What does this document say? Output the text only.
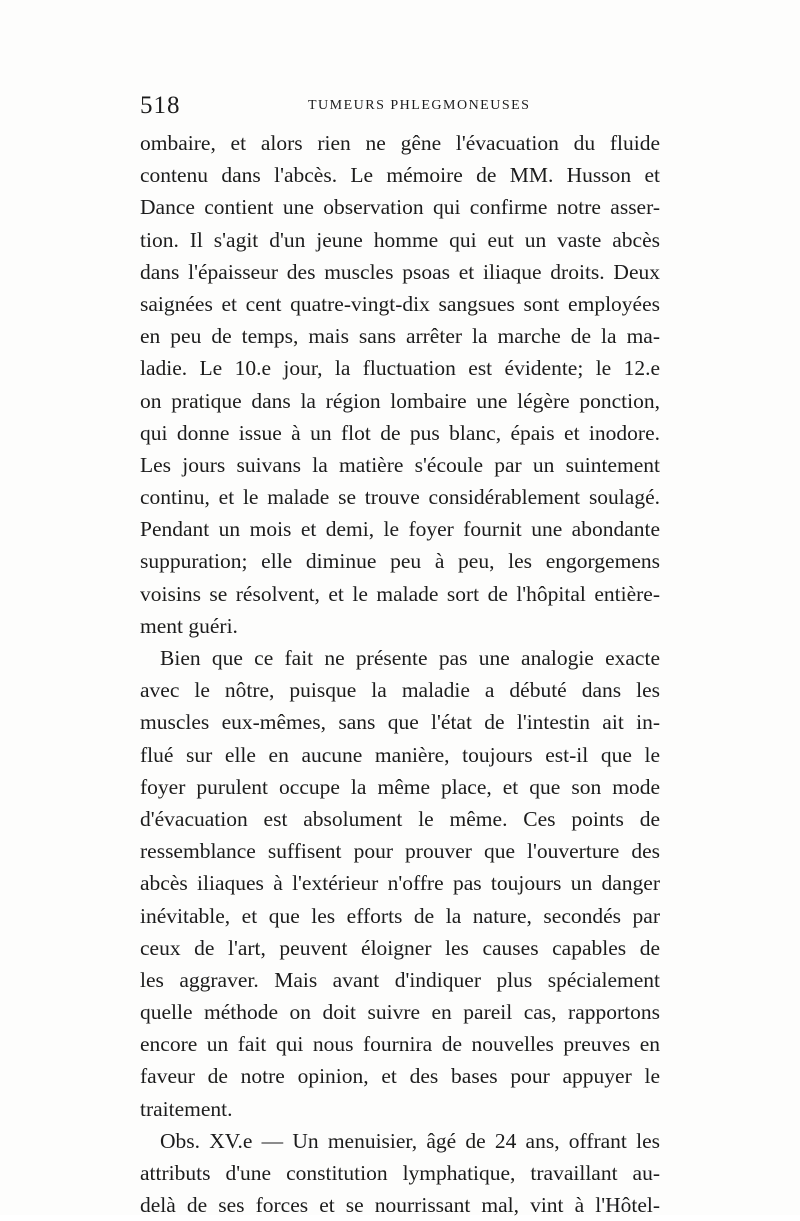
518	TUMEURS PHLEGMONEUSES
ombaire, et alors rien ne gêne l'évacuation du fluide
contenu dans l'abcès. Le mémoire de MM. Husson et
Dance contient une observation qui confirme notre asser-
tion. Il s'agit d'un jeune homme qui eut un vaste abcès
dans l'épaisseur des muscles psoas et iliaque droits. Deux
saignées et cent quatre-vingt-dix sangsues sont employées
en peu de temps, mais sans arrêter la marche de la ma-
ladie. Le 10.e jour, la fluctuation est évidente; le 12.e
on pratique dans la région lombaire une légère ponction,
qui donne issue à un flot de pus blanc, épais et inodore.
Les jours suivans la matière s'écoule par un suintement
continu, et le malade se trouve considérablement soulagé.
Pendant un mois et demi, le foyer fournit une abondante
suppuration; elle diminue peu à peu, les engorgemens
voisins se résolvent, et le malade sort de l'hôpital entière-
ment guéri.
Bien que ce fait ne présente pas une analogie exacte
avec le nôtre, puisque la maladie a débuté dans les
muscles eux-mêmes, sans que l'état de l'intestin ait in-
flué sur elle en aucune manière, toujours est-il que le
foyer purulent occupe la même place, et que son mode
d'évacuation est absolument le même. Ces points de
ressemblance suffisent pour prouver que l'ouverture des
abcès iliaques à l'extérieur n'offre pas toujours un danger
inévitable, et que les efforts de la nature, secondés par
ceux de l'art, peuvent éloigner les causes capables de
les aggraver. Mais avant d'indiquer plus spécialement
quelle méthode on doit suivre en pareil cas, rapportons
encore un fait qui nous fournira de nouvelles preuves en
faveur de notre opinion, et des bases pour appuyer le
traitement.
Obs. XV.e — Un menuisier, âgé de 24 ans, offrant les
attributs d'une constitution lymphatique, travaillant au-
delà de ses forces et se nourrissant mal, vint à l'Hôtel-
